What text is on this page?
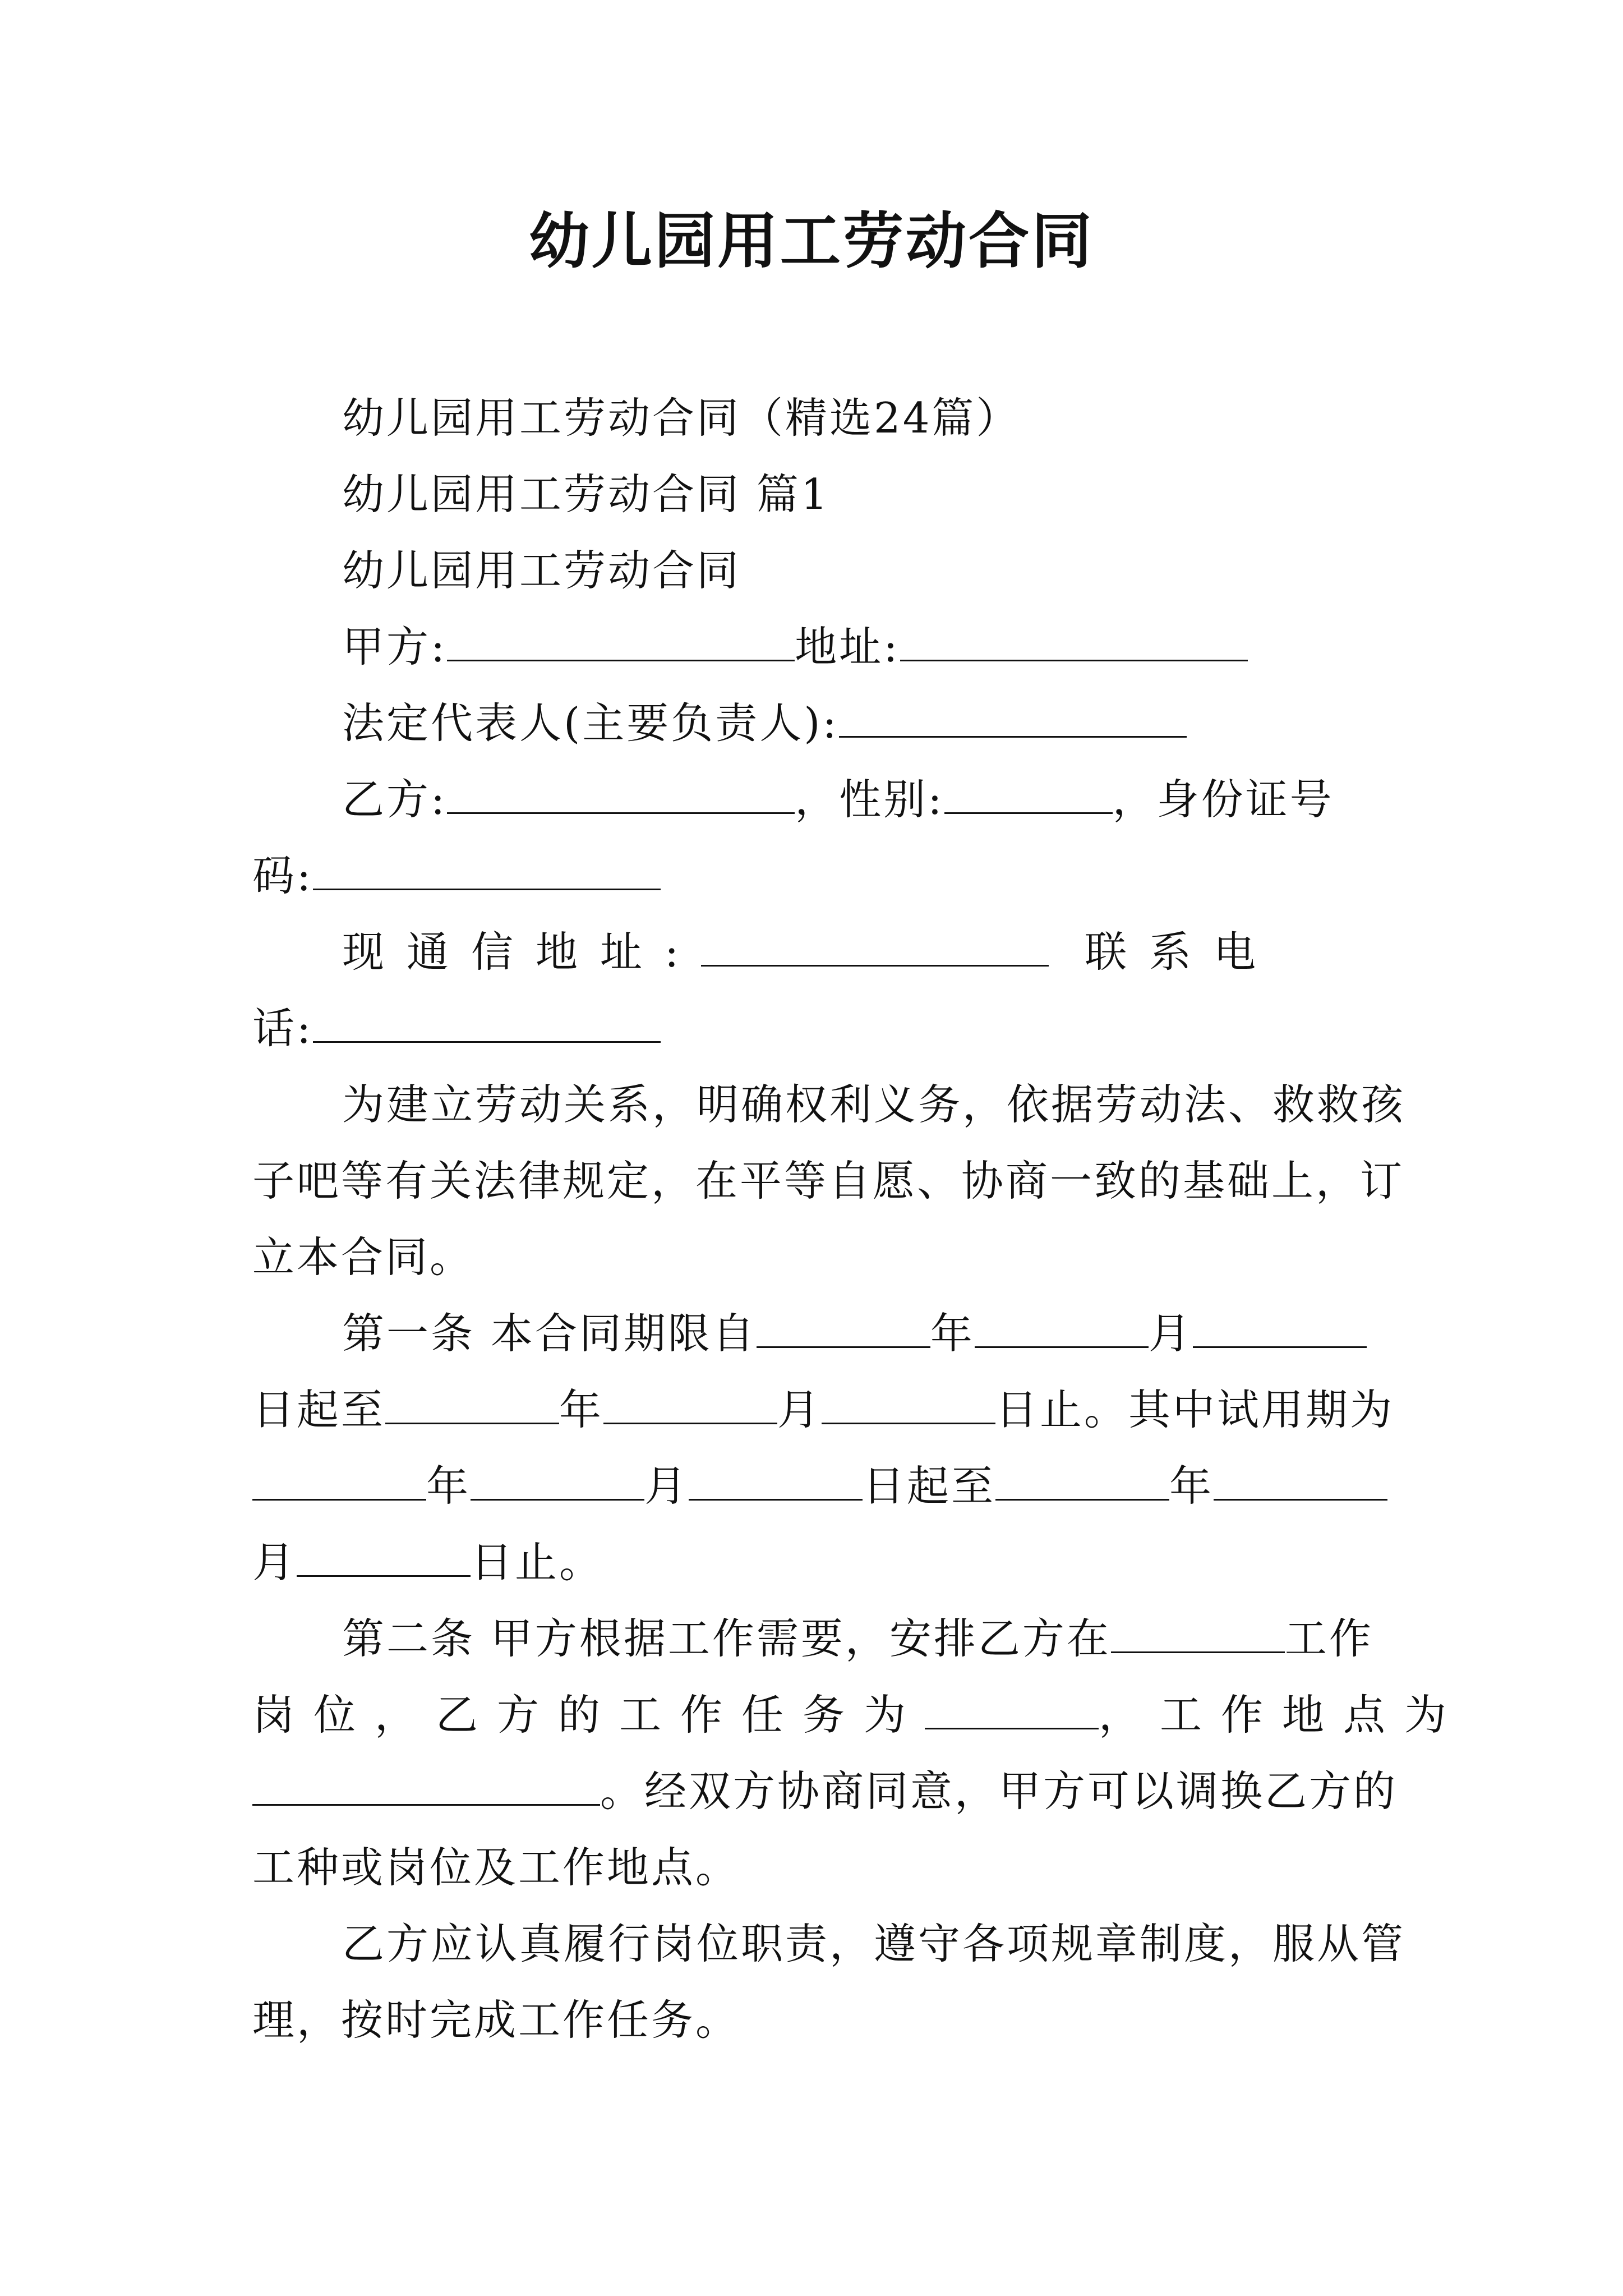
幼儿园用工劳动合同
幼儿园用工劳动合同（精选24篇）
幼儿园用工劳动合同 篇1
幼儿园用工劳动合同
甲方:	地址:
法定代表人(主要负责人):
乙方:	，性别:	，身份证号
码:
现通信地址:	联系电
话:
为建立劳动关系，明确权利义务，依据劳动法、救救孩
子吧等有关法律规定，在平等自愿、协商一致的基础上，订
立本合同。
第一条 本合同期限自	年	月
日起至	年	月	日止。其中试用期为
年	月	日起至	年
月	日止。
第二条 甲方根据工作需要，安排乙方在	工作
岗位，乙方的工作任务为	，工作地点为
。经双方协商同意，甲方可以调换乙方的
工种或岗位及工作地点。
乙方应认真履行岗位职责，遵守各项规章制度，服从管
理，按时完成工作任务。
